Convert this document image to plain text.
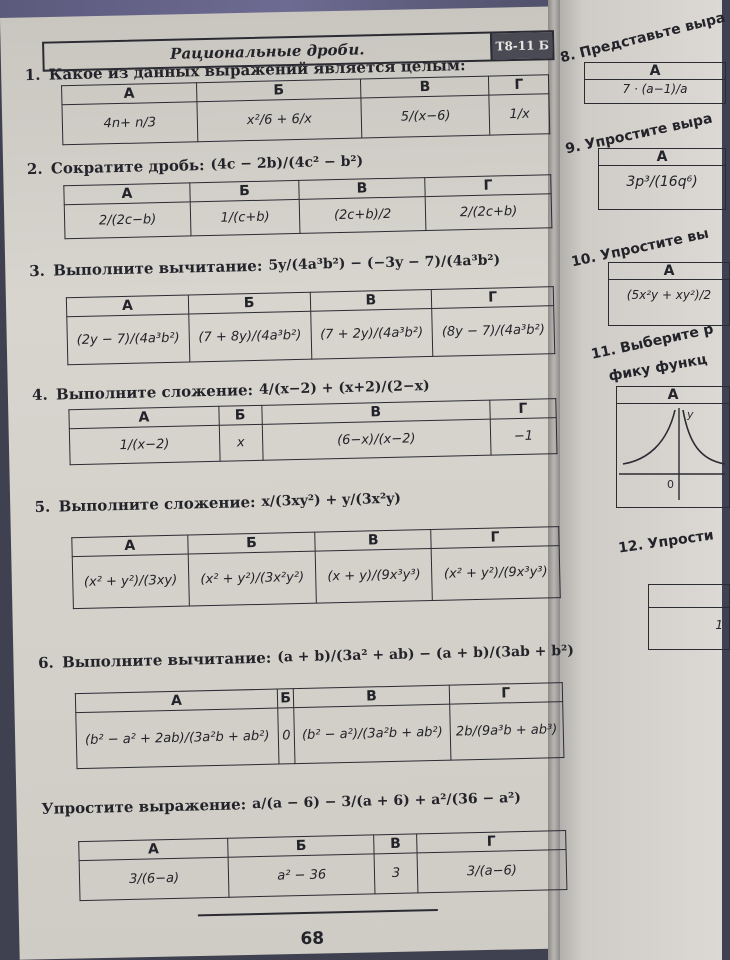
Рациональные дроби.	Т8-11 Б
1. Какое из данных выражений является целым:
А	Б	В	Г
4n+ n/3	x²/6 + 6/x	5/(x−6)	1/x
2. Сократите дробь: (4c − 2b)/(4c² − b²)
А	Б	В	Г
2/(2c−b)	1/(c+b)	(2c+b)/2	2/(2c+b)
3. Выполните вычитание: 5y/(4a³b²) − (−3y − 7)/(4a³b²)
А	Б	В	Г
(2y − 7)/(4a³b²)	(7 + 8y)/(4a³b²)	(7 + 2y)/(4a³b²)	(8y − 7)/(4a³b²)
4. Выполните сложение: 4/(x−2) + (x+2)/(2−x)
А	Б	В	Г
1/(x−2)	x	(6−x)/(x−2)	−1
5. Выполните сложение: x/(3xy²) + y/(3x²y)
А	Б	В	Г
(x² + y²)/(3xy)	(x² + y²)/(3x²y²)	(x + y)/(9x³y³)	(x² + y²)/(9x³y³)
6. Выполните вычитание: (a + b)/(3a² + ab) − (a + b)/(3ab + b²)
А	Б	В	Г
(b² − a² + 2ab)/(3a²b + ab²)	0	(b² − a²)/(3a²b + ab²)	2b/(9a³b + ab³)
Упростите выражение: a/(a − 6) − 3/(a + 6) + a²/(36 − a²)
А	Б	В	Г
3/(6−a)	a² − 36	3	3/(a−6)
68
8. Представьте выра
А
7 · (a−1)/a
9. Упростите выра
А
3p³/(16q⁶)
10. Упростите вы
А
(5x²y + xy²)/2
11. Выберите р
фику функц
А
y
0
12. Упрости
1
